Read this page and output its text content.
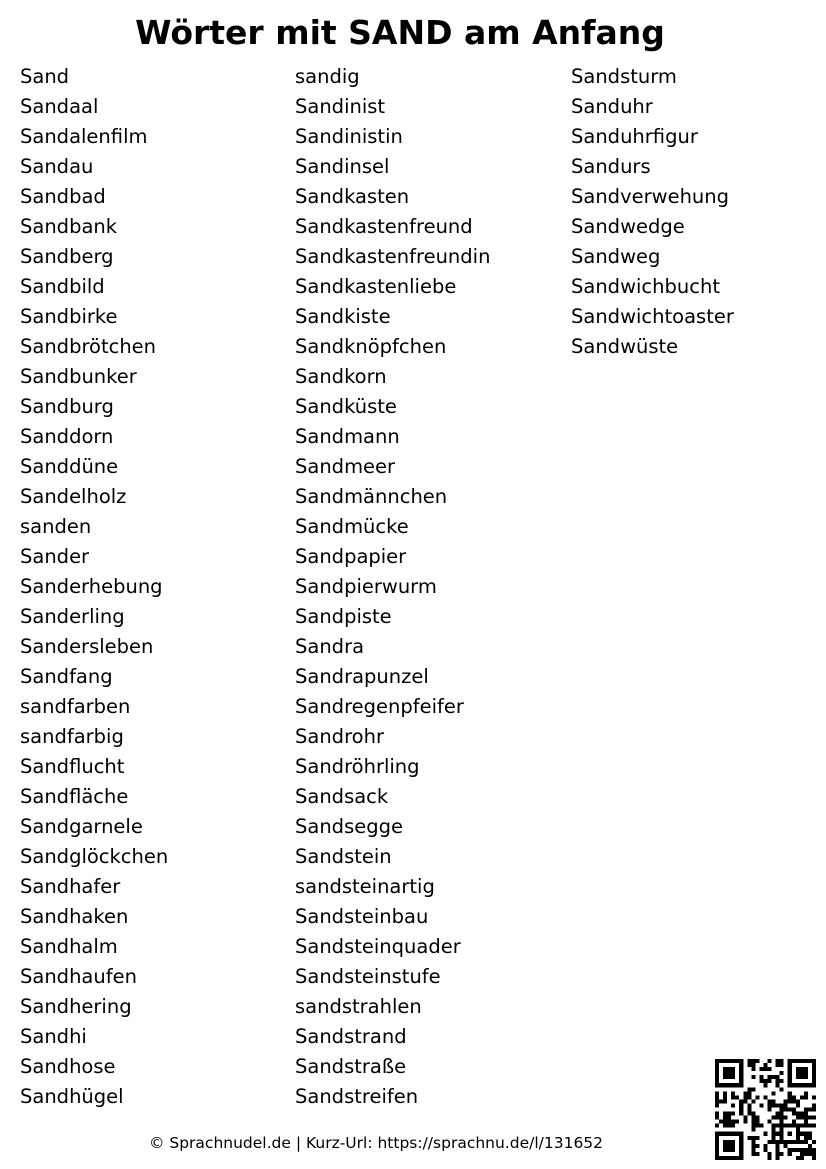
Wörter mit SAND am Anfang
Sand
Sandaal
Sandalenfilm
Sandau
Sandbad
Sandbank
Sandberg
Sandbild
Sandbirke
Sandbrötchen
Sandbunker
Sandburg
Sanddorn
Sanddüne
Sandelholz
sanden
Sander
Sanderhebung
Sanderling
Sandersleben
Sandfang
sandfarben
sandfarbig
Sandflucht
Sandfläche
Sandgarnele
Sandglöckchen
Sandhafer
Sandhaken
Sandhalm
Sandhaufen
Sandhering
Sandhi
Sandhose
Sandhügel
sandig
Sandinist
Sandinistin
Sandinsel
Sandkasten
Sandkastenfreund
Sandkastenfreundin
Sandkastenliebe
Sandkiste
Sandknöpfchen
Sandkorn
Sandküste
Sandmann
Sandmeer
Sandmännchen
Sandmücke
Sandpapier
Sandpierwurm
Sandpiste
Sandra
Sandrapunzel
Sandregenpfeifer
Sandrohr
Sandröhrling
Sandsack
Sandsegge
Sandstein
sandsteinartig
Sandsteinbau
Sandsteinquader
Sandsteinstufe
sandstrahlen
Sandstrand
Sandstraße
Sandstreifen
Sandsturm
Sanduhr
Sanduhrfigur
Sandurs
Sandverwehung
Sandwedge
Sandweg
Sandwichbucht
Sandwichtoaster
Sandwüste

© Sprachnudel.de | Kurz-Url: https://sprachnu.de/l/131652
